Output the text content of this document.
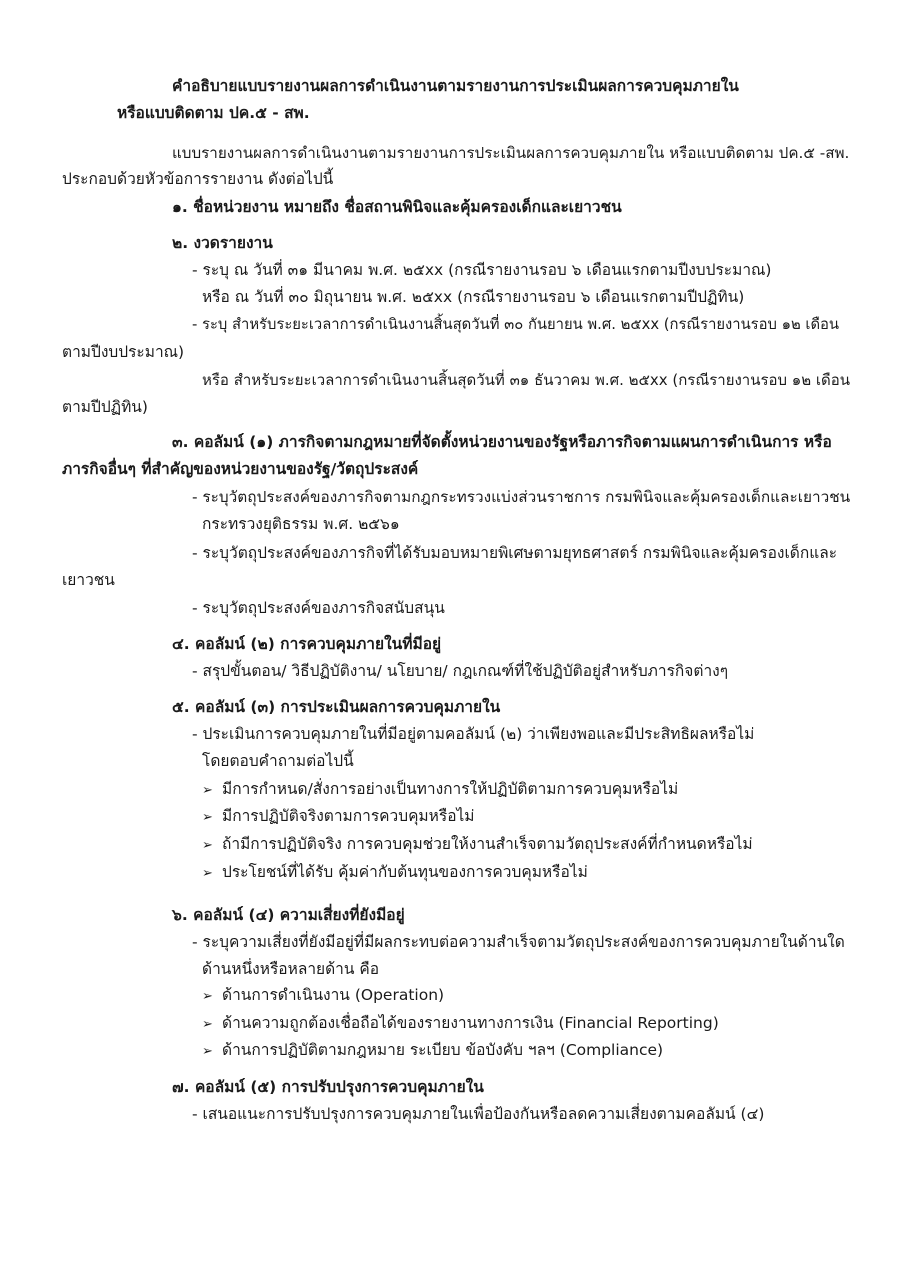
คำอธิบายแบบรายงานผลการดำเนินงานตามรายงานการประเมินผลการควบคุมภายใน
หรือแบบติดตาม ปค.๕ - สพ.
แบบรายงานผลการดำเนินงานตามรายงานการประเมินผลการควบคุมภายใน หรือแบบติดตาม ปค.๕ -สพ.
ประกอบด้วยหัวข้อการรายงาน ดังต่อไปนี้
๑. ชื่อหน่วยงาน หมายถึง ชื่อสถานพินิจและคุ้มครองเด็กและเยาวชน
๒. งวดรายงาน
- ระบุ ณ วันที่ ๓๑ มีนาคม พ.ศ. ๒๕xx (กรณีรายงานรอบ ๖ เดือนแรกตามปีงบประมาณ)
หรือ ณ วันที่ ๓๐ มิถุนายน พ.ศ. ๒๕xx (กรณีรายงานรอบ ๖ เดือนแรกตามปีปฏิทิน)
- ระบุ สำหรับระยะเวลาการดำเนินงานสิ้นสุดวันที่ ๓๐ กันยายน พ.ศ. ๒๕xx (กรณีรายงานรอบ ๑๒ เดือน
ตามปีงบประมาณ)
หรือ สำหรับระยะเวลาการดำเนินงานสิ้นสุดวันที่ ๓๑ ธันวาคม พ.ศ. ๒๕xx (กรณีรายงานรอบ ๑๒ เดือน
ตามปีปฏิทิน)
๓. คอลัมน์ (๑) ภารกิจตามกฎหมายที่จัดตั้งหน่วยงานของรัฐหรือภารกิจตามแผนการดำเนินการ หรือ
ภารกิจอื่นๆ ที่สำคัญของหน่วยงานของรัฐ/วัตถุประสงค์
- ระบุวัตถุประสงค์ของภารกิจตามกฎกระทรวงแบ่งส่วนราชการ กรมพินิจและคุ้มครองเด็กและเยาวชน
กระทรวงยุติธรรม พ.ศ. ๒๕๖๑
- ระบุวัตถุประสงค์ของภารกิจที่ได้รับมอบหมายพิเศษตามยุทธศาสตร์ กรมพินิจและคุ้มครองเด็กและ
เยาวชน
- ระบุวัตถุประสงค์ของภารกิจสนับสนุน
๔. คอลัมน์ (๒) การควบคุมภายในที่มีอยู่
- สรุปขั้นตอน/ วิธีปฏิบัติงาน/ นโยบาย/ กฎเกณฑ์ที่ใช้ปฏิบัติอยู่สำหรับภารกิจต่างๆ
๕. คอลัมน์ (๓) การประเมินผลการควบคุมภายใน
- ประเมินการควบคุมภายในที่มีอยู่ตามคอลัมน์ (๒) ว่าเพียงพอและมีประสิทธิผลหรือไม่
โดยตอบคำถามต่อไปนี้
➢ มีการกำหนด/สั่งการอย่างเป็นทางการให้ปฏิบัติตามการควบคุมหรือไม่
➢ มีการปฏิบัติจริงตามการควบคุมหรือไม่
➢ ถ้ามีการปฏิบัติจริง การควบคุมช่วยให้งานสำเร็จตามวัตถุประสงค์ที่กำหนดหรือไม่
➢ ประโยชน์ที่ได้รับ คุ้มค่ากับต้นทุนของการควบคุมหรือไม่
๖. คอลัมน์ (๔) ความเสี่ยงที่ยังมีอยู่
- ระบุความเสี่ยงที่ยังมีอยู่ที่มีผลกระทบต่อความสำเร็จตามวัตถุประสงค์ของการควบคุมภายในด้านใด
ด้านหนึ่งหรือหลายด้าน คือ
➢ ด้านการดำเนินงาน (Operation)
➢ ด้านความถูกต้องเชื่อถือได้ของรายงานทางการเงิน (Financial Reporting)
➢ ด้านการปฏิบัติตามกฎหมาย ระเบียบ ข้อบังคับ ฯลฯ (Compliance)
๗. คอลัมน์ (๕) การปรับปรุงการควบคุมภายใน
- เสนอแนะการปรับปรุงการควบคุมภายในเพื่อป้องกันหรือลดความเสี่ยงตามคอลัมน์ (๔)
